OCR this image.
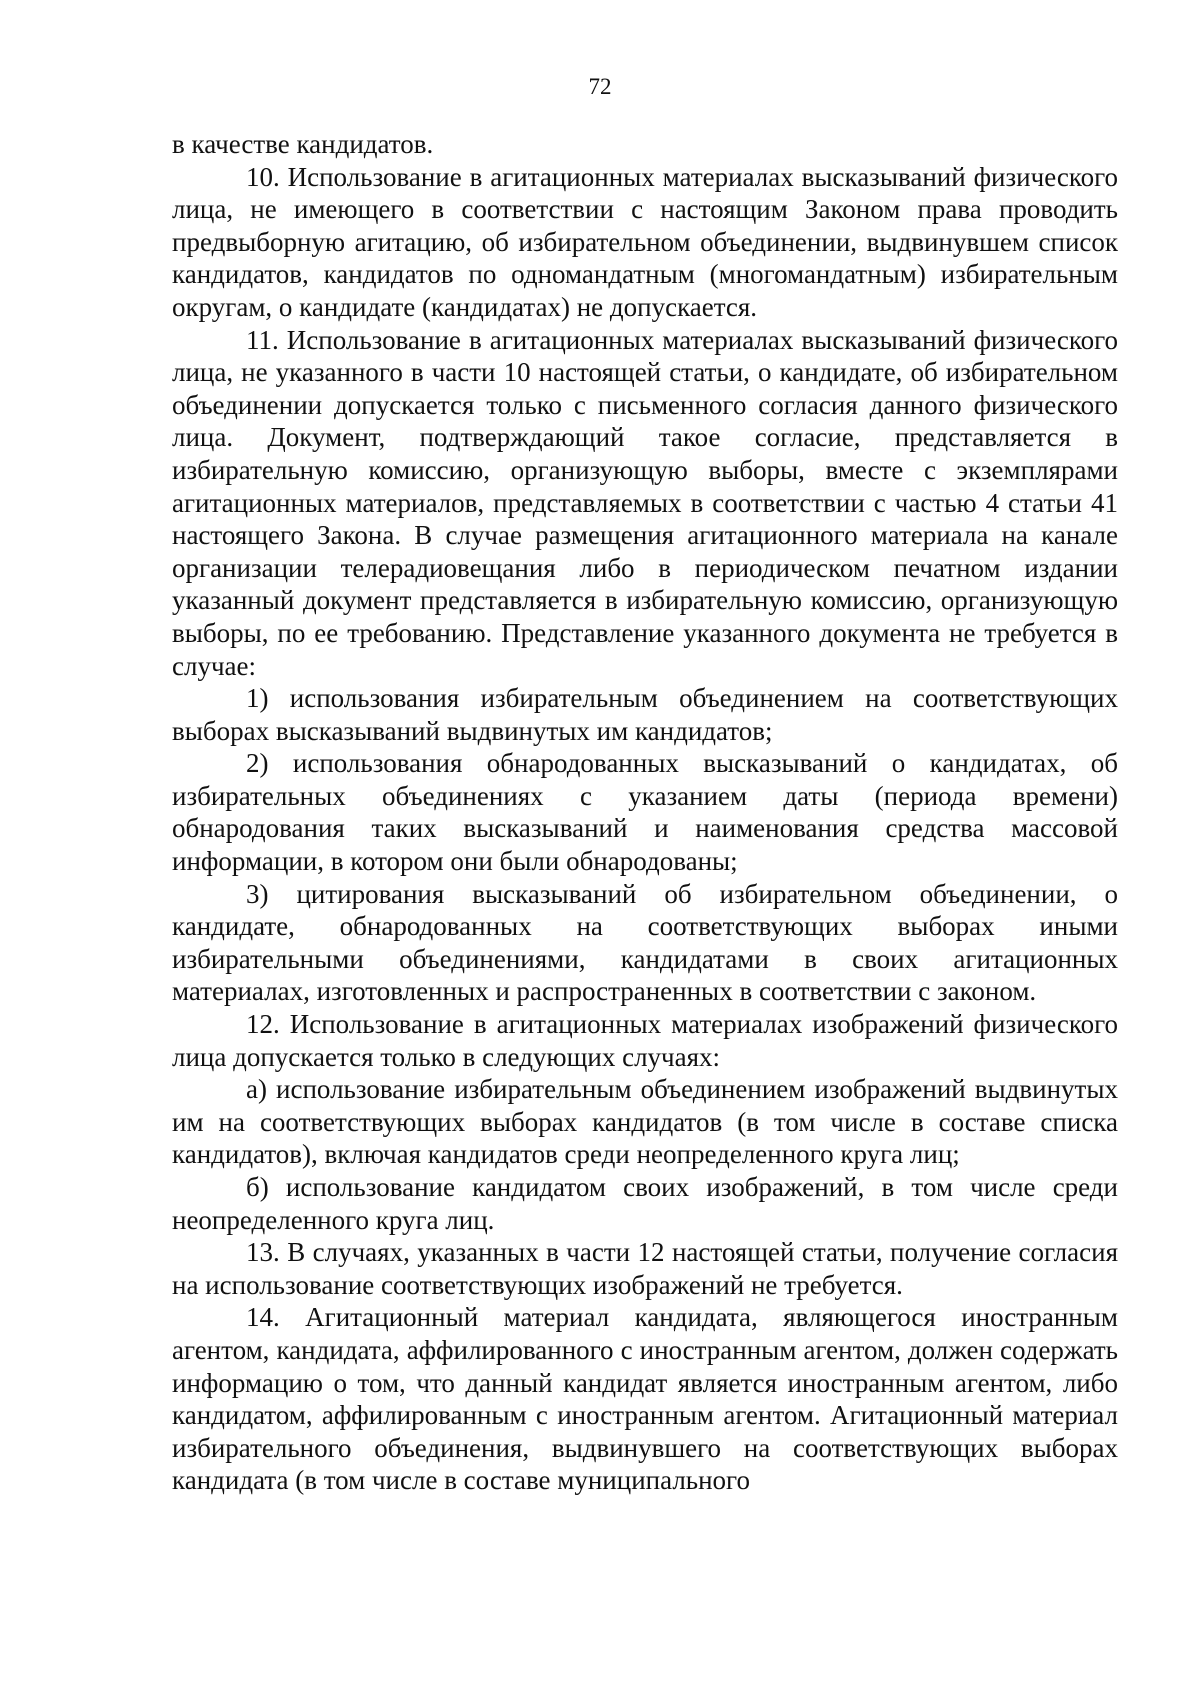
72

в качестве кандидатов.

10. Использование в агитационных материалах высказываний физического лица, не имеющего в соответствии с настоящим Законом права проводить предвыборную агитацию, об избирательном объединении, выдвинувшем список кандидатов, кандидатов по одномандатным (многомандатным) избирательным округам, о кандидате (кандидатах) не допускается.

11. Использование в агитационных материалах высказываний физического лица, не указанного в части 10 настоящей статьи, о кандидате, об избирательном объединении допускается только с письменного согласия данного физического лица. Документ, подтверждающий такое согласие, представляется в избирательную комиссию, организующую выборы, вместе с экземплярами агитационных материалов, представляемых в соответствии с частью 4 статьи 41 настоящего Закона. В случае размещения агитационного материала на канале организации телерадиовещания либо в периодическом печатном издании указанный документ представляется в избирательную комиссию, организующую выборы, по ее требованию. Представление указанного документа не требуется в случае:

1) использования избирательным объединением на соответствующих выборах высказываний выдвинутых им кандидатов;

2) использования обнародованных высказываний о кандидатах, об избирательных объединениях с указанием даты (периода времени) обнародования таких высказываний и наименования средства массовой информации, в котором они были обнародованы;

3) цитирования высказываний об избирательном объединении, о кандидате, обнародованных на соответствующих выборах иными избирательными объединениями, кандидатами в своих агитационных материалах, изготовленных и распространенных в соответствии с законом.

12. Использование в агитационных материалах изображений физического лица допускается только в следующих случаях:

а) использование избирательным объединением изображений выдвинутых им на соответствующих выборах кандидатов (в том числе в составе списка кандидатов), включая кандидатов среди неопределенного круга лиц;

б) использование кандидатом своих изображений, в том числе среди неопределенного круга лиц.

13. В случаях, указанных в части 12 настоящей статьи, получение согласия на использование соответствующих изображений не требуется.

14. Агитационный материал кандидата, являющегося иностранным агентом, кандидата, аффилированного с иностранным агентом, должен содержать информацию о том, что данный кандидат является иностранным агентом, либо кандидатом, аффилированным с иностранным агентом. Агитационный материал избирательного объединения, выдвинувшего на соответствующих выборах кандидата (в том числе в составе муниципального
